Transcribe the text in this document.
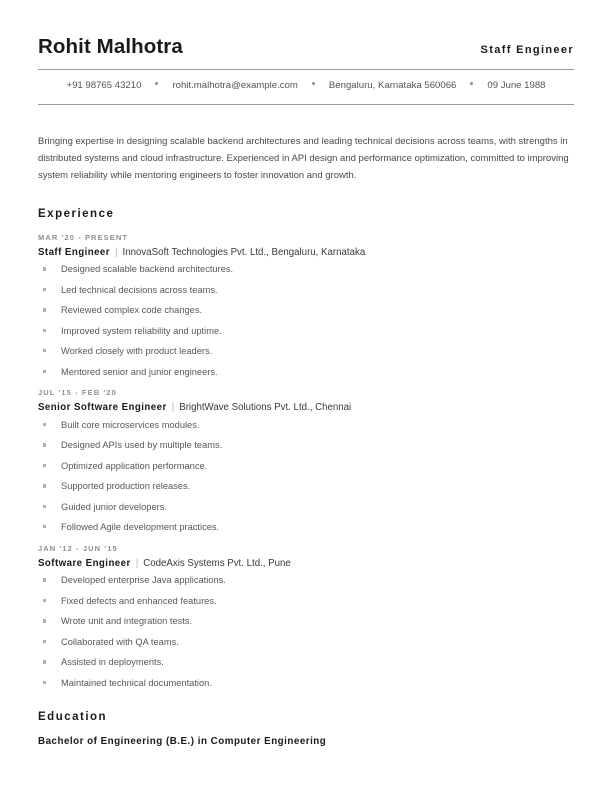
Rohit Malhotra	Staff Engineer
+91 98765 43210	rohit.malhotra@example.com	Bengaluru, Karnataka 560066	09 June 1988
Bringing expertise in designing scalable backend architectures and leading technical decisions across teams, with strengths in distributed systems and cloud infrastructure. Experienced in API design and performance optimization, committed to improving system reliability while mentoring engineers to foster innovation and growth.
Experience
MAR '20 - PRESENT
Staff Engineer | InnovaSoft Technologies Pvt. Ltd., Bengaluru, Karnataka
Designed scalable backend architectures.
Led technical decisions across teams.
Reviewed complex code changes.
Improved system reliability and uptime.
Worked closely with product leaders.
Mentored senior and junior engineers.
JUL '15 - FEB '20
Senior Software Engineer | BrightWave Solutions Pvt. Ltd., Chennai
Built core microservices modules.
Designed APIs used by multiple teams.
Optimized application performance.
Supported production releases.
Guided junior developers.
Followed Agile development practices.
JAN '12 - JUN '15
Software Engineer | CodeAxis Systems Pvt. Ltd., Pune
Developed enterprise Java applications.
Fixed defects and enhanced features.
Wrote unit and integration tests.
Collaborated with QA teams.
Assisted in deployments.
Maintained technical documentation.
Education
Bachelor of Engineering (B.E.) in Computer Engineering
